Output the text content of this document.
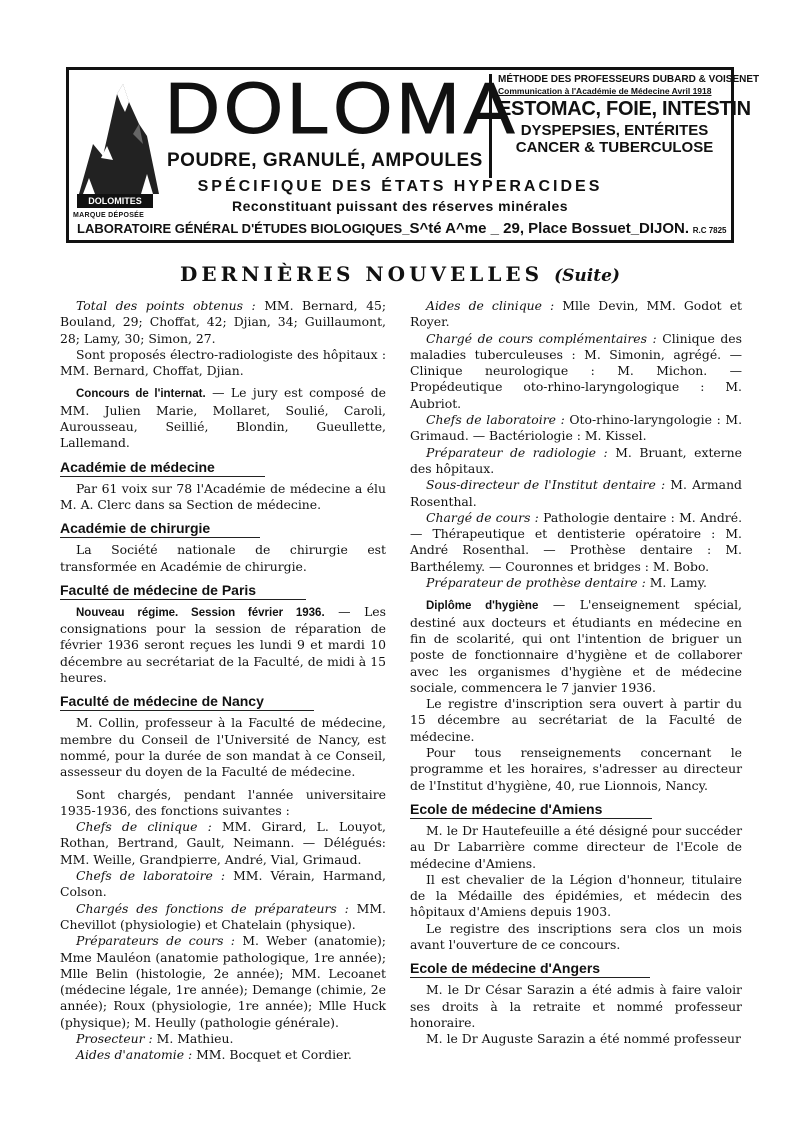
DOLOMITES
MARQUE DÉPOSÉE
DOLOMA
POUDRE, GRANULÉ, AMPOULES
MÉTHODE DES PROFESSEURS DUBARD & VOISENET
Communication à l'Académie de Médecine Avril 1918
ESTOMAC, FOIE, INTESTIN
DYSPEPSIES, ENTÉRITES
CANCER & TUBERCULOSE
SPÉCIFIQUE DES ÉTATS HYPERACIDES
Reconstituant puissant des réserves minérales
LABORATOIRE GÉNÉRAL D'ÉTUDES BIOLOGIQUES_S^té A^me _ 29, Place Bossuet_DIJON. R.C 7825
DERNIÈRES NOUVELLES (Suite)

Total des points obtenus : MM. Bernard, 45; Bouland, 29; Choffat, 42; Djian, 34; Guillaumont, 28; Lamy, 30; Simon, 27.

Sont proposés électro-radiologiste des hôpitaux : MM. Bernard, Choffat, Djian.

Concours de l'internat. — Le jury est composé de MM. Julien Marie, Mollaret, Soulié, Caroli, Aurousseau, Seillié, Blondin, Gueullette, Lallemand.

Académie de médecine

Par 61 voix sur 78 l'Académie de médecine a élu M. A. Clerc dans sa Section de médecine.

Académie de chirurgie

La Société nationale de chirurgie est transformée en Académie de chirurgie.

Faculté de médecine de Paris

Nouveau régime. Session février 1936. — Les consignations pour la session de réparation de février 1936 seront reçues les lundi 9 et mardi 10 décembre au secrétariat de la Faculté, de midi à 15 heures.

Faculté de médecine de Nancy

M. Collin, professeur à la Faculté de médecine, membre du Conseil de l'Université de Nancy, est nommé, pour la durée de son mandat à ce Conseil, assesseur du doyen de la Faculté de médecine.

Sont chargés, pendant l'année universitaire 1935-1936, des fonctions suivantes :

Chefs de clinique : MM. Girard, L. Louyot, Rothan, Bertrand, Gault, Neimann. — Délégués: MM. Weille, Grandpierre, André, Vial, Grimaud.

Chefs de laboratoire : MM. Vérain, Harmand, Colson.

Chargés des fonctions de préparateurs : MM. Chevillot (physiologie) et Chatelain (physique).

Préparateurs de cours : M. Weber (anatomie); Mme Mauléon (anatomie pathologique, 1re année); Mlle Belin (histologie, 2e année); MM. Lecoanet (médecine légale, 1re année); Demange (chimie, 2e année); Roux (physiologie, 1re année); Mlle Huck (physique); M. Heully (pathologie générale).

Prosecteur : M. Mathieu.

Aides d'anatomie : MM. Bocquet et Cordier.

Aides de clinique : Mlle Devin, MM. Godot et Royer.

Chargé de cours complémentaires : Clinique des maladies tuberculeuses : M. Simonin, agrégé. — Clinique neurologique : M. Michon. — Propédeutique oto-rhino-laryngologique : M. Aubriot.

Chefs de laboratoire : Oto-rhino-laryngologie : M. Grimaud. — Bactériologie : M. Kissel.

Préparateur de radiologie : M. Bruant, externe des hôpitaux.

Sous-directeur de l'Institut dentaire : M. Armand Rosenthal.

Chargé de cours : Pathologie dentaire : M. André. — Thérapeutique et dentisterie opératoire : M. André Rosenthal. — Prothèse dentaire : M. Barthélemy. — Couronnes et bridges : M. Bobo.

Préparateur de prothèse dentaire : M. Lamy.

Diplôme d'hygiène — L'enseignement spécial, destiné aux docteurs et étudiants en médecine en fin de scolarité, qui ont l'intention de briguer un poste de fonctionnaire d'hygiène et de collaborer avec les organismes d'hygiène et de médecine sociale, commencera le 7 janvier 1936.

Le registre d'inscription sera ouvert à partir du 15 décembre au secrétariat de la Faculté de médecine.

Pour tous renseignements concernant le programme et les horaires, s'adresser au directeur de l'Institut d'hygiène, 40, rue Lionnois, Nancy.

Ecole de médecine d'Amiens

M. le Dr Hautefeuille a été désigné pour succéder au Dr Labarrière comme directeur de l'Ecole de médecine d'Amiens.

Il est chevalier de la Légion d'honneur, titulaire de la Médaille des épidémies, et médecin des hôpitaux d'Amiens depuis 1903.

Le registre des inscriptions sera clos un mois avant l'ouverture de ce concours.

Ecole de médecine d'Angers

M. le Dr César Sarazin a été admis à faire valoir ses droits à la retraite et nommé professeur honoraire.

M. le Dr Auguste Sarazin a été nommé professeur
